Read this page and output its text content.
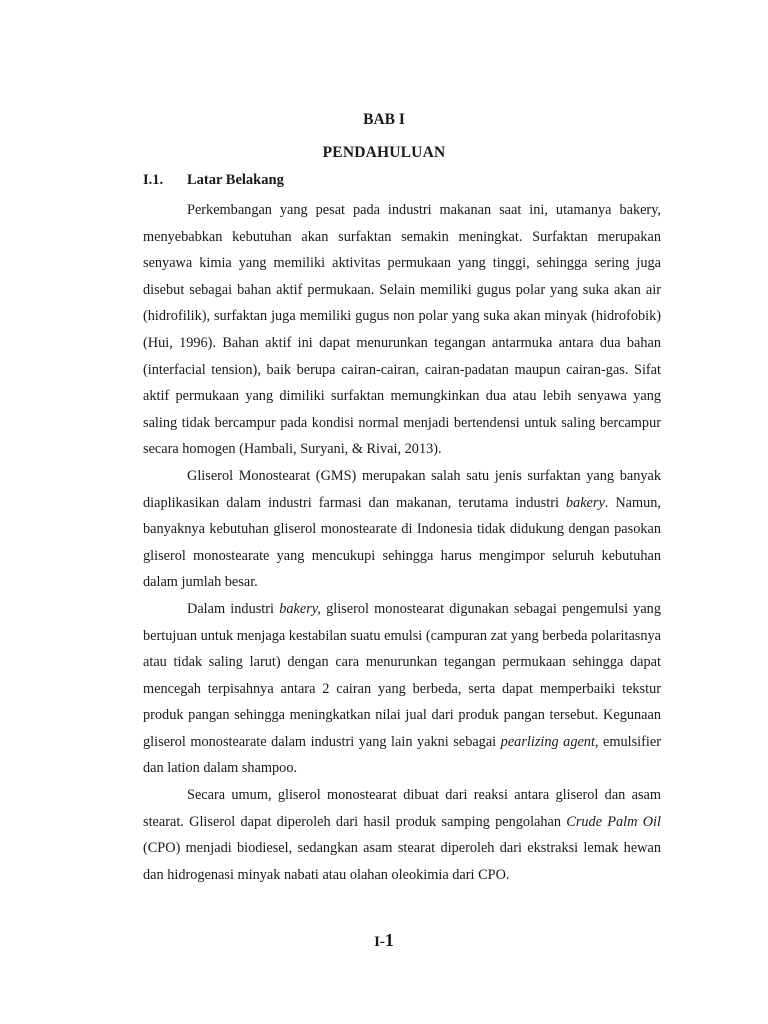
BAB I
PENDAHULUAN
I.1. Latar Belakang

Perkembangan yang pesat pada industri makanan saat ini, utamanya bakery, menyebabkan kebutuhan akan surfaktan semakin meningkat. Surfaktan merupakan senyawa kimia yang memiliki aktivitas permukaan yang tinggi, sehingga sering juga disebut sebagai bahan aktif permukaan. Selain memiliki gugus polar yang suka akan air (hidrofilik), surfaktan juga memiliki gugus non polar yang suka akan minyak (hidrofobik) (Hui, 1996). Bahan aktif ini dapat menurunkan tegangan antarmuka antara dua bahan (interfacial tension), baik berupa cairan-cairan, cairan-padatan maupun cairan-gas. Sifat aktif permukaan yang dimiliki surfaktan memungkinkan dua atau lebih senyawa yang saling tidak bercampur pada kondisi normal menjadi bertendensi untuk saling bercampur secara homogen (Hambali, Suryani, & Rivai, 2013).

Gliserol Monostearat (GMS) merupakan salah satu jenis surfaktan yang banyak diaplikasikan dalam industri farmasi dan makanan, terutama industri bakery. Namun, banyaknya kebutuhan gliserol monostearate di Indonesia tidak didukung dengan pasokan gliserol monostearate yang mencukupi sehingga harus mengimpor seluruh kebutuhan dalam jumlah besar.

Dalam industri bakery, gliserol monostearat digunakan sebagai pengemulsi yang bertujuan untuk menjaga kestabilan suatu emulsi (campuran zat yang berbeda polaritasnya atau tidak saling larut) dengan cara menurunkan tegangan permukaan sehingga dapat mencegah terpisahnya antara 2 cairan yang berbeda, serta dapat memperbaiki tekstur produk pangan sehingga meningkatkan nilai jual dari produk pangan tersebut. Kegunaan gliserol monostearate dalam industri yang lain yakni sebagai pearlizing agent, emulsifier dan lation dalam shampoo.

Secara umum, gliserol monostearat dibuat dari reaksi antara gliserol dan asam stearat. Gliserol dapat diperoleh dari hasil produk samping pengolahan Crude Palm Oil (CPO) menjadi biodiesel, sedangkan asam stearat diperoleh dari ekstraksi lemak hewan dan hidrogenasi minyak nabati atau olahan oleokimia dari CPO.

I-1
